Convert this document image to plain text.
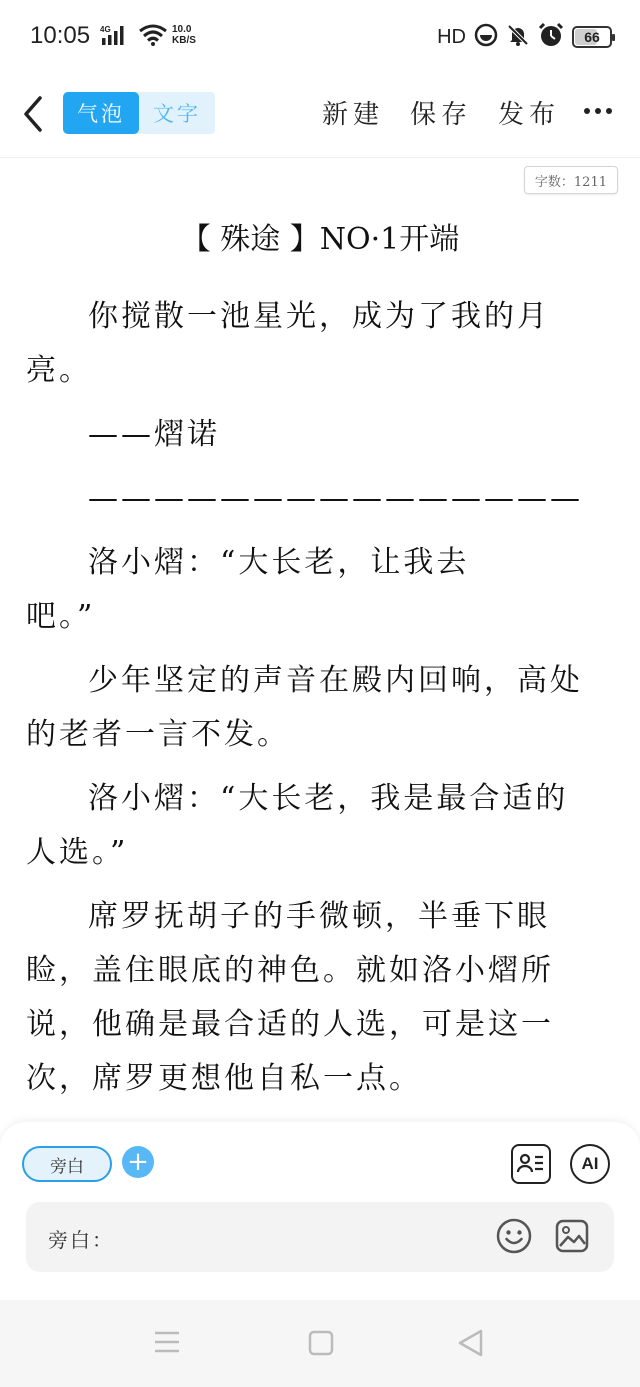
10:05 4G	10.0
KB/S	HD	66
气泡	文字	新建 保存 发布
字数：1211
【 殊途 】NO·1开端

你搅散一池星光，成为了我的月亮。

——熠诺

———————————————

洛小熠：“大长老，让我去吧。”

少年坚定的声音在殿内回响，高处的老者一言不发。

洛小熠：“大长老，我是最合适的人选。”

席罗抚胡子的手微顿，半垂下眼睑，盖住眼底的神色。就如洛小熠所说，他确是最合适的人选，可是这一次，席罗更想他自私一点。

旁白	+	AI
旁白：
